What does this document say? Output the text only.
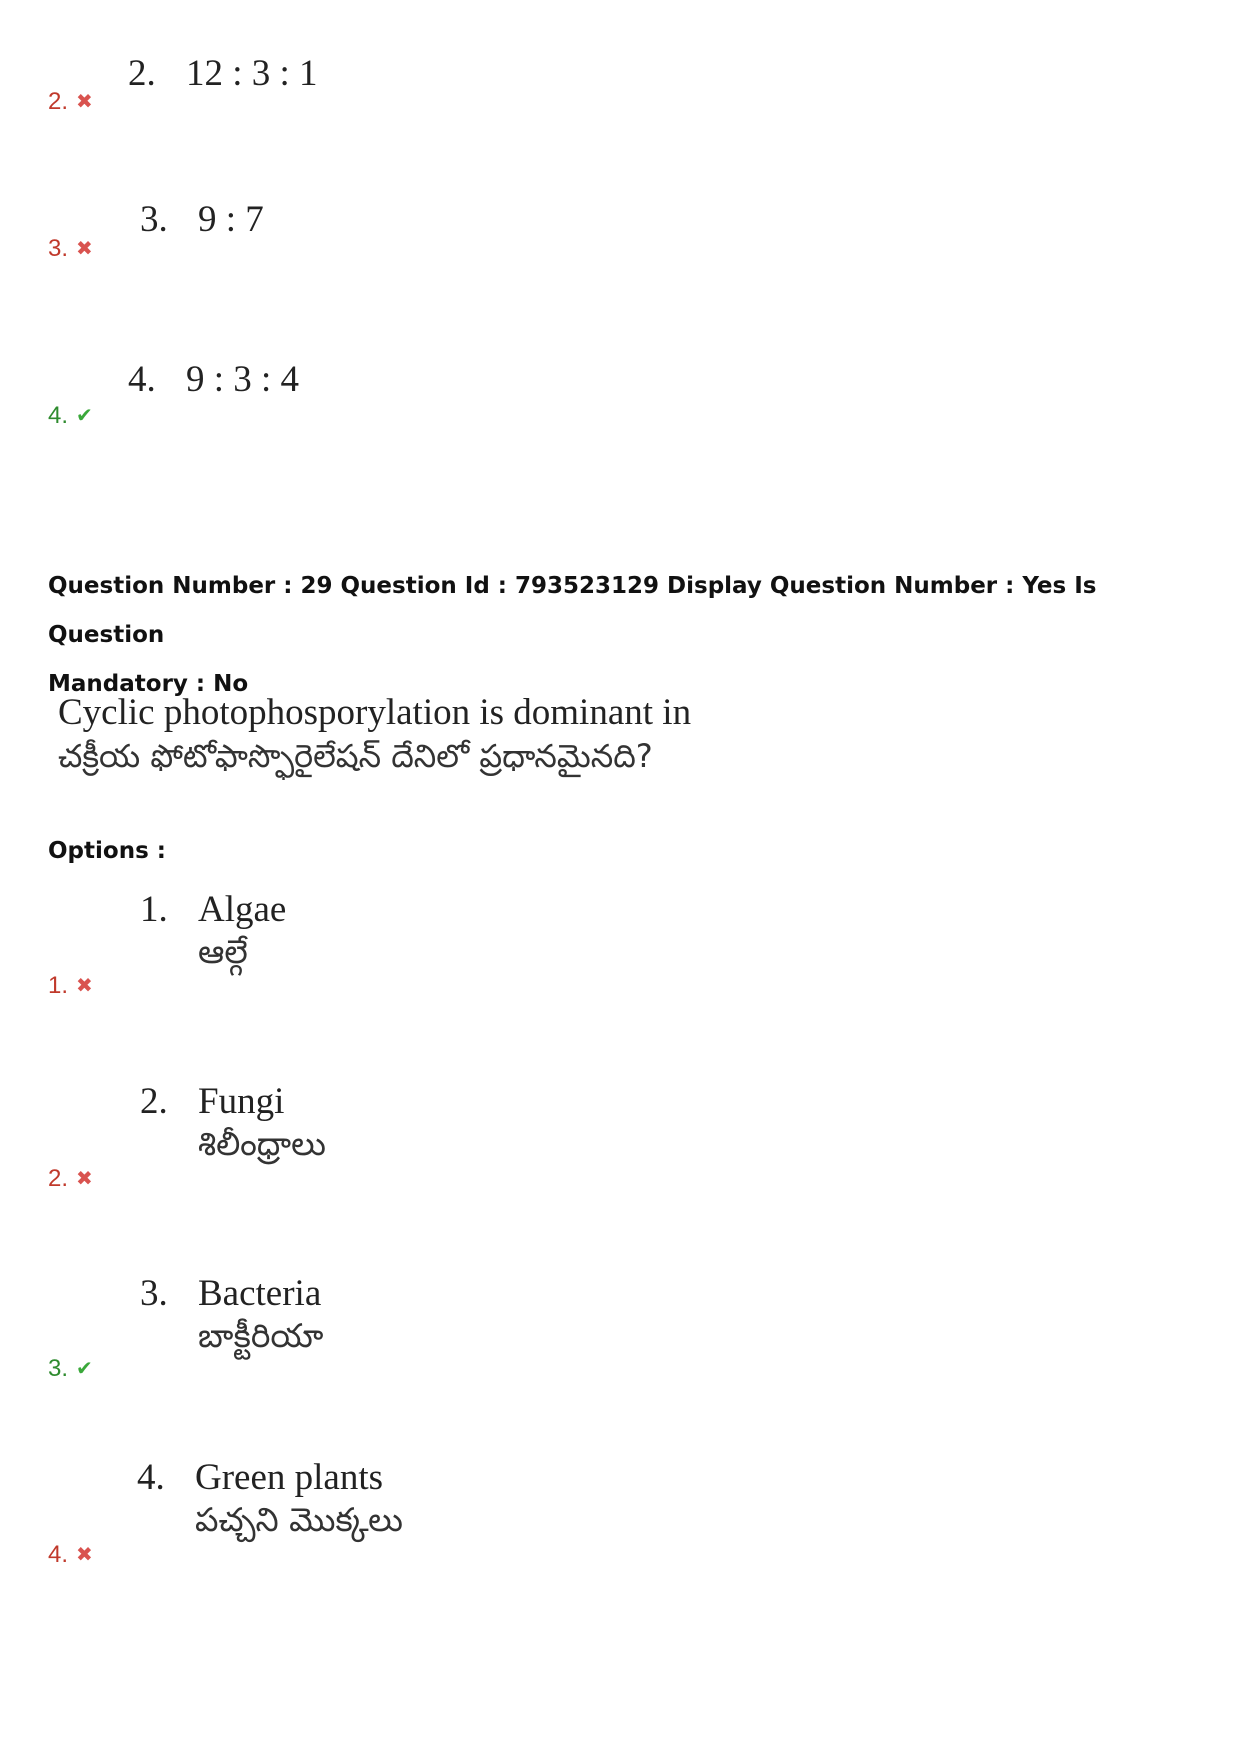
2. ✖
2. 12 : 3 : 1
3. ✖
3. 9 : 7
4. ✔
4. 9 : 3 : 4
Question Number : 29 Question Id : 793523129 Display Question Number : Yes Is Question
Mandatory : No
Cyclic photophosporylation is dominant in
చక్రీయ ఫోటోఫాస్ఫొరైలేషన్ దేనిలో ప్రధానమైనది?
Options :
1. ✖
1. Algae
ఆల్గే
2. ✖
2. Fungi
శిలీంధ్రాలు
3. ✔
3. Bacteria
బాక్టీరియా
4. ✖
4. Green plants
పచ్చని మొక్కలు
